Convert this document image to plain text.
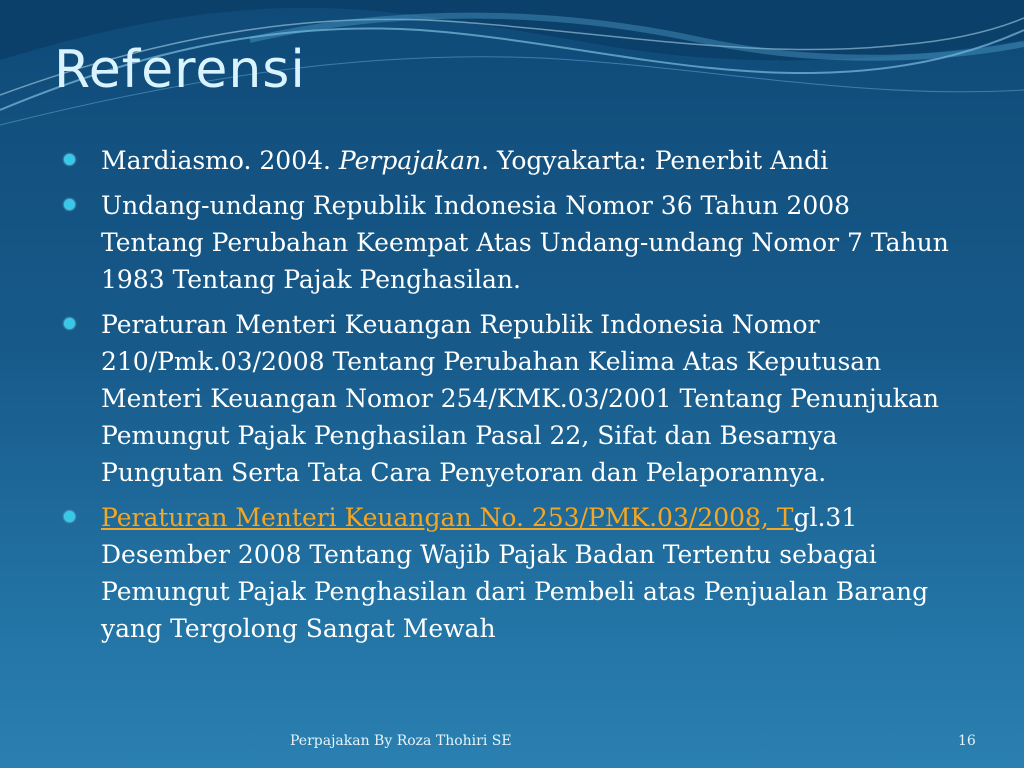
Referensi
Mardiasmo. 2004. Perpajakan. Yogyakarta: Penerbit Andi
Undang-undang Republik Indonesia Nomor 36 Tahun 2008 Tentang Perubahan Keempat Atas Undang-undang Nomor 7 Tahun 1983 Tentang Pajak Penghasilan.
Peraturan Menteri Keuangan Republik Indonesia Nomor 210/Pmk.03/2008 Tentang Perubahan Kelima Atas Keputusan Menteri Keuangan Nomor 254/KMK.03/2001 Tentang Penunjukan Pemungut Pajak Penghasilan Pasal 22, Sifat dan Besarnya Pungutan Serta Tata Cara Penyetoran dan Pelaporannya.
Peraturan Menteri Keuangan No. 253/PMK.03/2008, Tgl.31 Desember 2008 Tentang Wajib Pajak Badan Tertentu sebagai Pemungut Pajak Penghasilan dari Pembeli atas Penjualan Barang yang Tergolong Sangat Mewah
Perpajakan By Roza Thohiri SE	16
